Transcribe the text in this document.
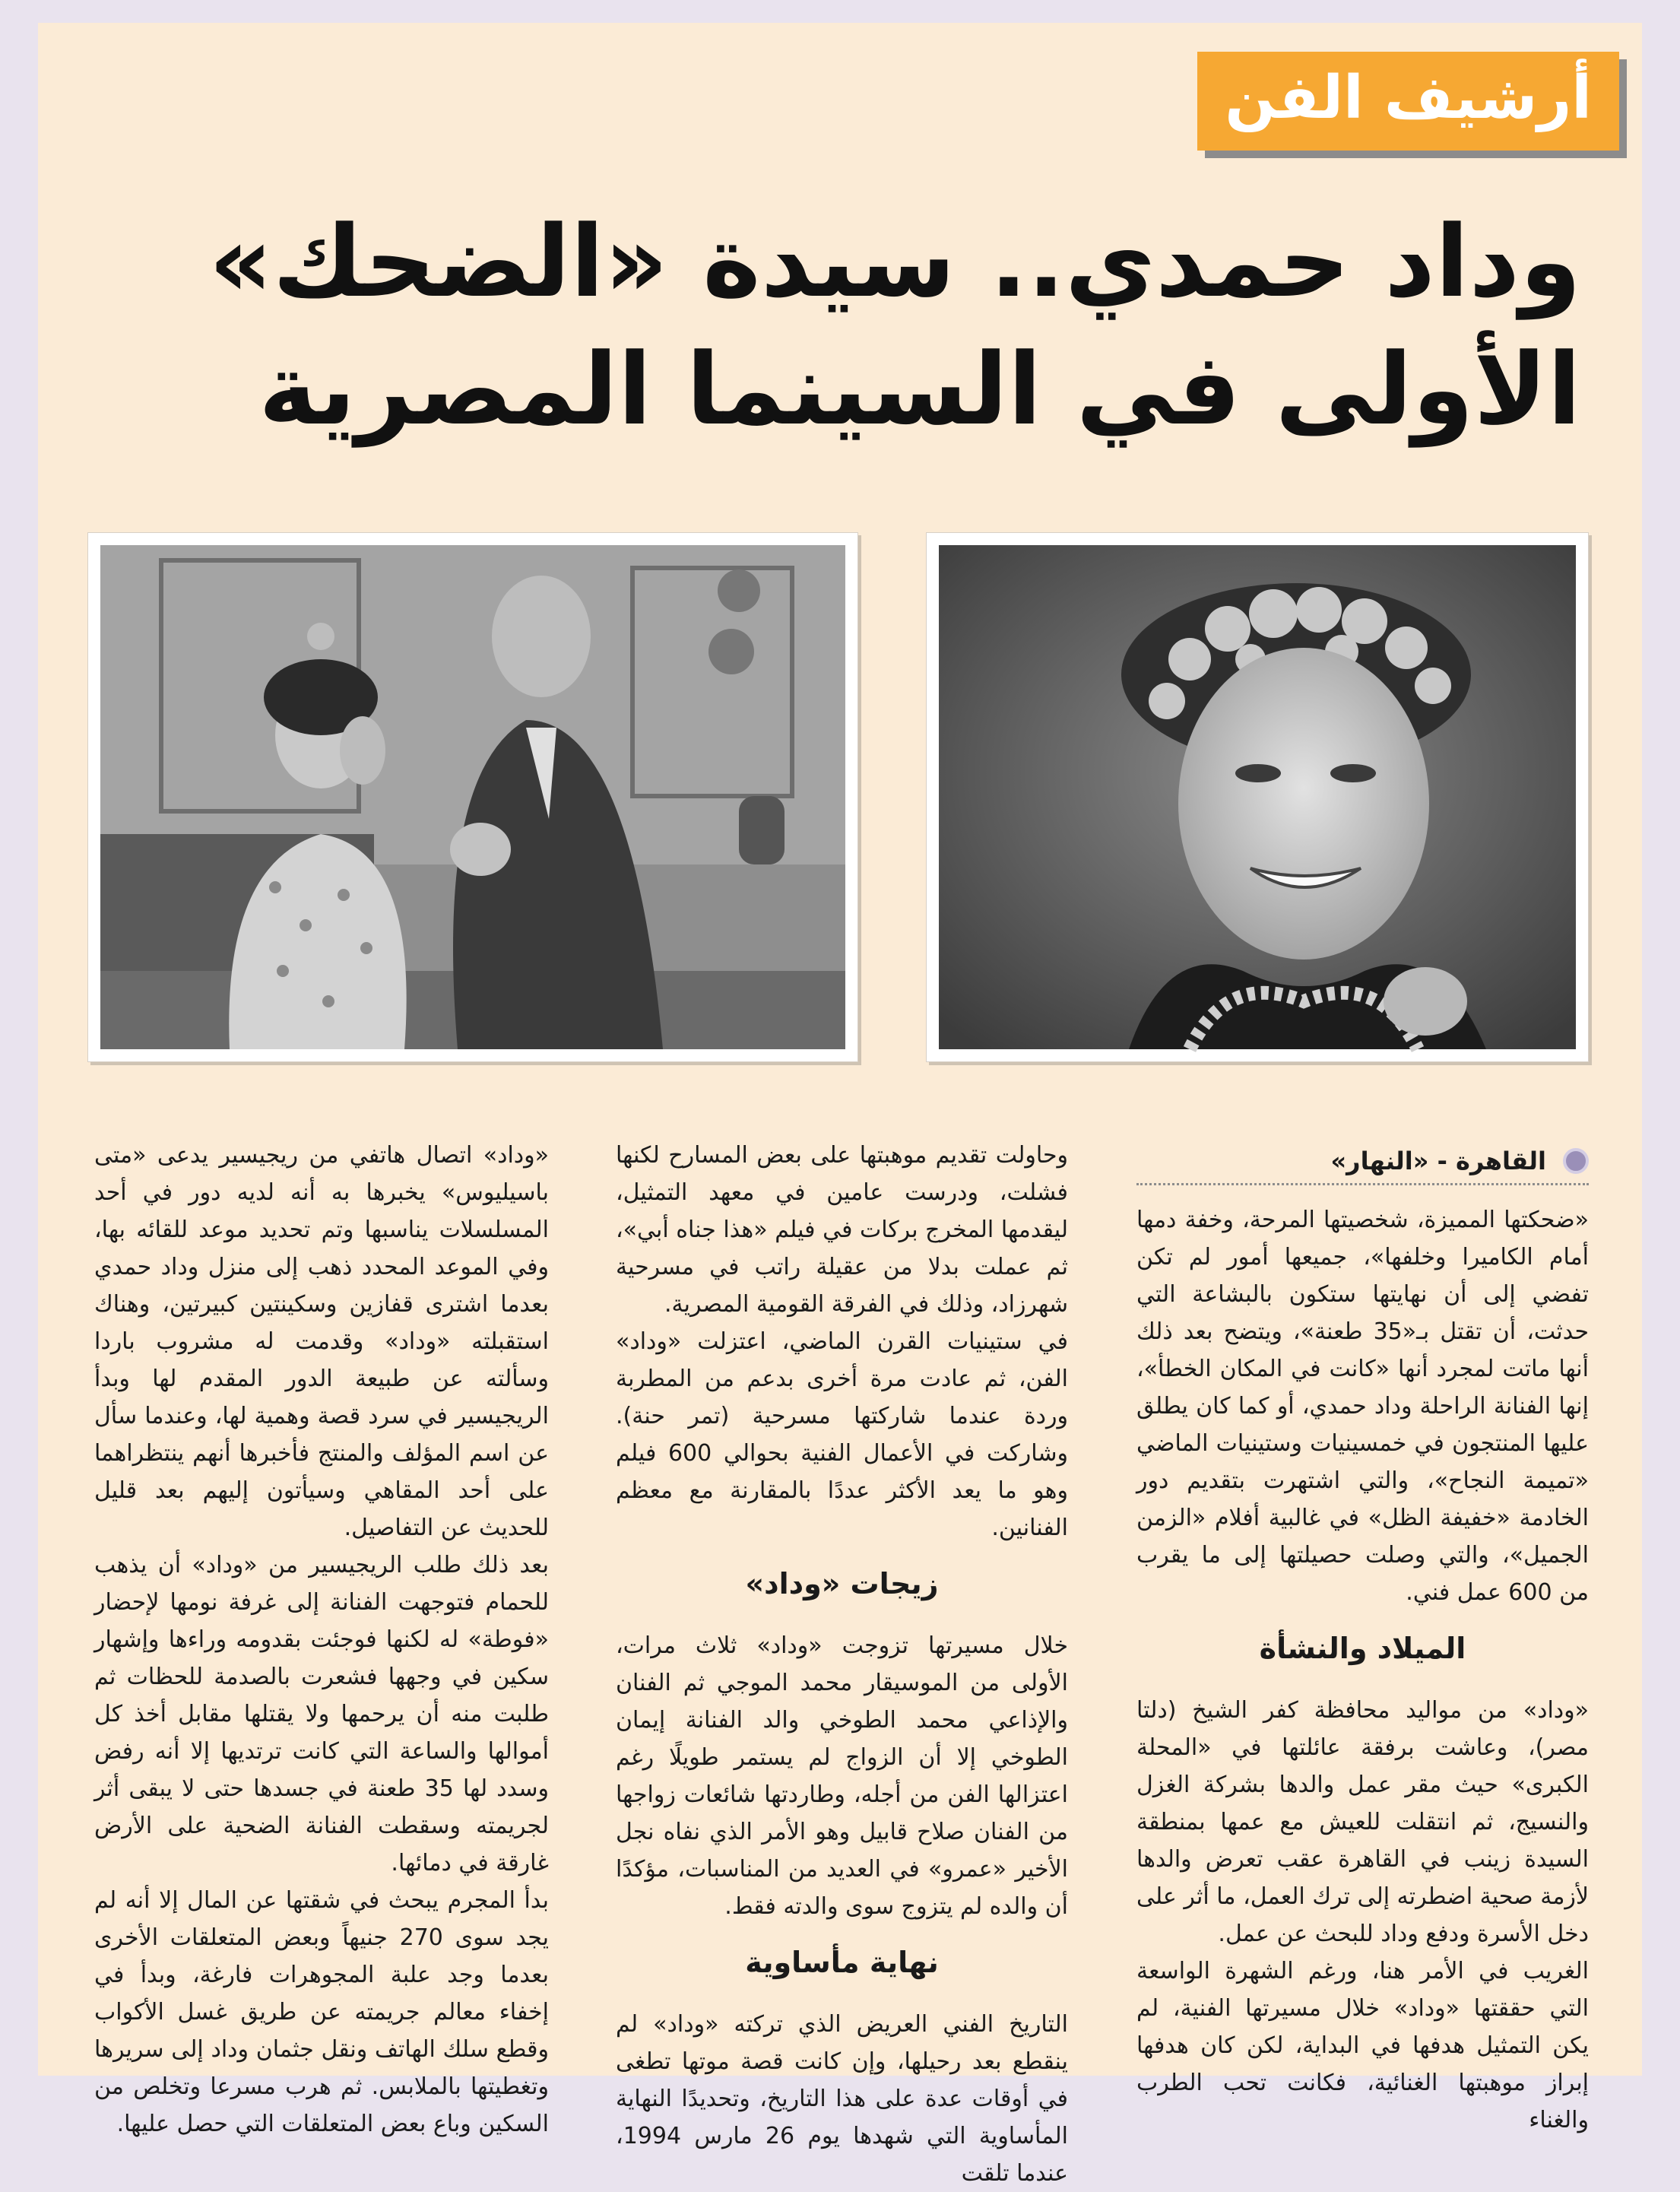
أرشيف الفن
وداد حمدي.. سيدة «الضحك»
الأولى في السينما المصرية
القاهرة - «النهار»

«ضحكتها المميزة، شخصيتها المرحة، وخفة دمها أمام الكاميرا وخلفها»، جميعها أمور لم تكن تفضي إلى أن نهايتها ستكون بالبشاعة التي حدثت، أن تقتل بـ«35 طعنة»، ويتضح بعد ذلك أنها ماتت لمجرد أنها «كانت في المكان الخطأ»، إنها الفنانة الراحلة وداد حمدي، أو كما كان يطلق عليها المنتجون في خمسينيات وستينيات الماضي «تميمة النجاح»، والتي اشتهرت بتقديم دور الخادمة «خفيفة الظل» في غالبية أفلام «الزمن الجميل»، والتي وصلت حصيلتها إلى ما يقرب من 600 عمل فني.

الميلاد والنشأة

«وداد» من مواليد محافظة كفر الشيخ (دلتا مصر)، وعاشت برفقة عائلتها في «المحلة الكبرى» حيث مقر عمل والدها بشركة الغزل والنسيج، ثم انتقلت للعيش مع عمها بمنطقة السيدة زينب في القاهرة عقب تعرض والدها لأزمة صحية اضطرته إلى ترك العمل، ما أثر على دخل الأسرة ودفع وداد للبحث عن عمل.

الغريب في الأمر هنا، ورغم الشهرة الواسعة التي حققتها «وداد» خلال مسيرتها الفنية، لم يكن التمثيل هدفها في البداية، لكن كان هدفها إبراز موهبتها الغنائية، فكانت تحب الطرب والغناء

وحاولت تقديم موهبتها على بعض المسارح لكنها فشلت، ودرست عامين في معهد التمثيل، ليقدمها المخرج بركات في فيلم «هذا جناه أبي»، ثم عملت بدلا من عقيلة راتب في مسرحية شهرزاد، وذلك في الفرقة القومية المصرية.

في ستينيات القرن الماضي، اعتزلت «وداد» الفن، ثم عادت مرة أخرى بدعم من المطربة وردة عندما شاركتها مسرحية (تمر حنة). وشاركت في الأعمال الفنية بحوالي 600 فيلم وهو ما يعد الأكثر عددًا بالمقارنة مع معظم الفنانين.

زيجات «وداد»

خلال مسيرتها تزوجت «وداد» ثلاث مرات، الأولى من الموسيقار محمد الموجي ثم الفنان والإذاعي محمد الطوخي والد الفنانة إيمان الطوخي إلا أن الزواج لم يستمر طويلًا رغم اعتزالها الفن من أجله، وطاردتها شائعات زواجها من الفنان صلاح قابيل وهو الأمر الذي نفاه نجل الأخير «عمرو» في العديد من المناسبات، مؤكدًا أن والده لم يتزوج سوى والدته فقط.

نهاية مأساوية

التاريخ الفني العريض الذي تركته «وداد» لم ينقطع بعد رحيلها، وإن كانت قصة موتها تطغى في أوقات عدة على هذا التاريخ، وتحديدًا النهاية المأساوية التي شهدها يوم 26 مارس 1994، عندما تلقت

«وداد» اتصال هاتفي من ريجيسير يدعى «متى باسيليوس» يخبرها به أنه لديه دور في أحد المسلسلات يناسبها وتم تحديد موعد للقائه بها، وفي الموعد المحدد ذهب إلى منزل وداد حمدي بعدما اشترى قفازين وسكينتين كبيرتين، وهناك استقبلته «وداد» وقدمت له مشروب باردا وسألته عن طبيعة الدور المقدم لها وبدأ الريجيسير في سرد قصة وهمية لها، وعندما سأل عن اسم المؤلف والمنتج فأخبرها أنهم ينتظراهما على أحد المقاهي وسيأتون إليهم بعد قليل للحديث عن التفاصيل.

بعد ذلك طلب الريجيسير من «وداد» أن يذهب للحمام فتوجهت الفنانة إلى غرفة نومها لإحضار «فوطة» له لكنها فوجئت بقدومه وراءها وإشهار سكين في وجهها فشعرت بالصدمة للحظات ثم طلبت منه أن يرحمها ولا يقتلها مقابل أخذ كل أموالها والساعة التي كانت ترتديها إلا أنه رفض وسدد لها 35 طعنة في جسدها حتى لا يبقى أثر لجريمته وسقطت الفنانة الضحية على الأرض غارقة في دمائها.

بدأ المجرم يبحث في شقتها عن المال إلا أنه لم يجد سوى 270 جنيهاً وبعض المتعلقات الأخرى بعدما وجد علبة المجوهرات فارغة، وبدأ في إخفاء معالم جريمته عن طريق غسل الأكواب وقطع سلك الهاتف ونقل جثمان وداد إلى سريرها وتغطيتها بالملابس. ثم هرب مسرعا وتخلص من السكين وباع بعض المتعلقات التي حصل عليها.
